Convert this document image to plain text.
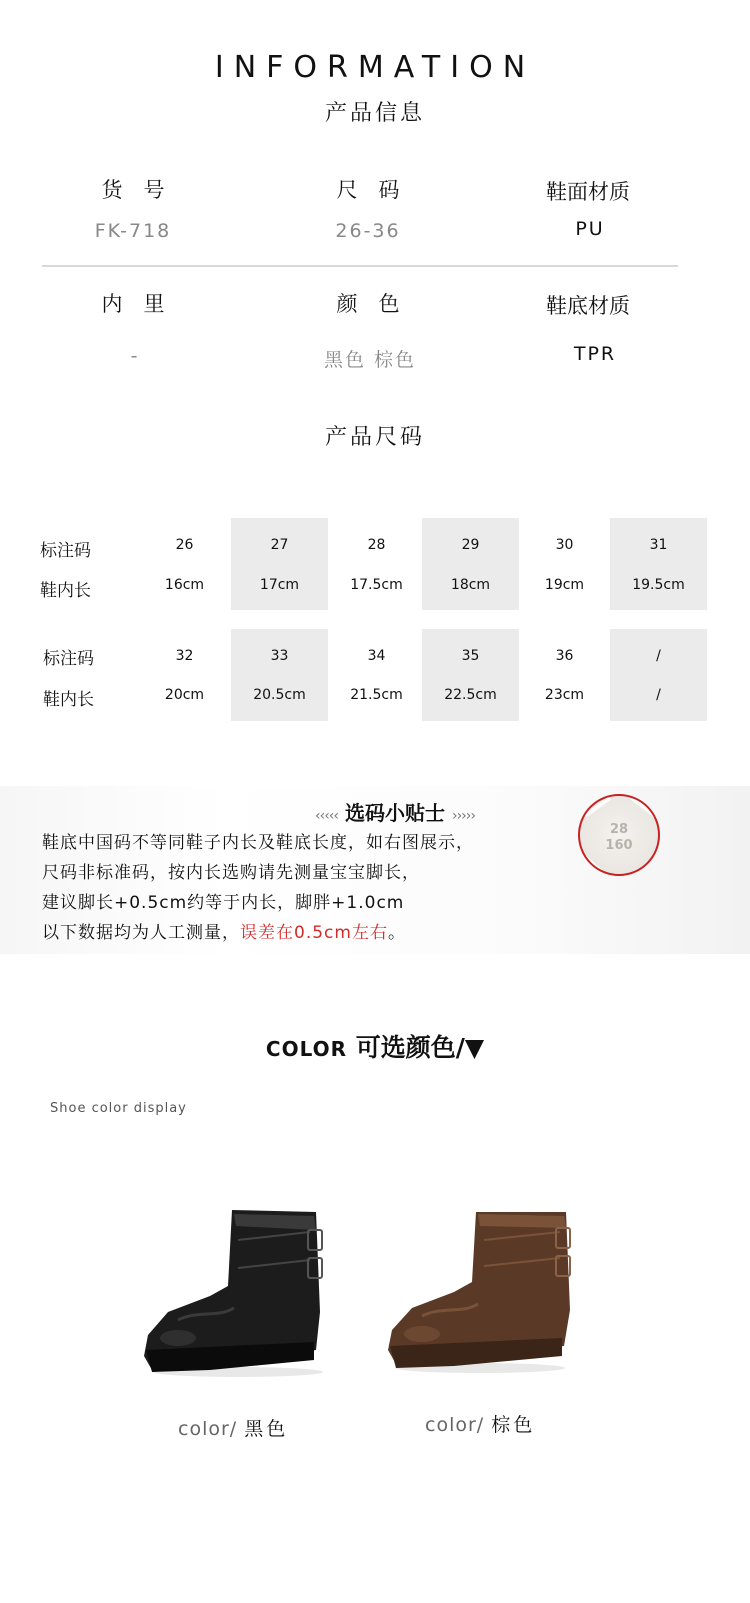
INFORMATION
产品信息
货　号
FK-718
尺　码
26-36
鞋面材质
PU
内　里
-
颜　色
黑色 棕色
鞋底材质
TPR
产品尺码
标注码
鞋内长
26
16cm
27
17cm
28
17.5cm
29
18cm
30
19cm
31
19.5cm
标注码
鞋内长
32
20cm
33
20.5cm
34
21.5cm
35
22.5cm
36
23cm
/
/
‹‹‹‹‹ 选码小贴士 ›››››
鞋底中国码不等同鞋子内长及鞋底长度，如右图展示，
尺码非标准码，按内长选购请先测量宝宝脚长，
建议脚长+0.5cm约等于内长，脚胖+1.0cm
以下数据均为人工测量，误差在0.5cm左右。
28
160
COLOR 可选颜色/▼
Shoe color display
color/ 黑色	color/ 棕色
